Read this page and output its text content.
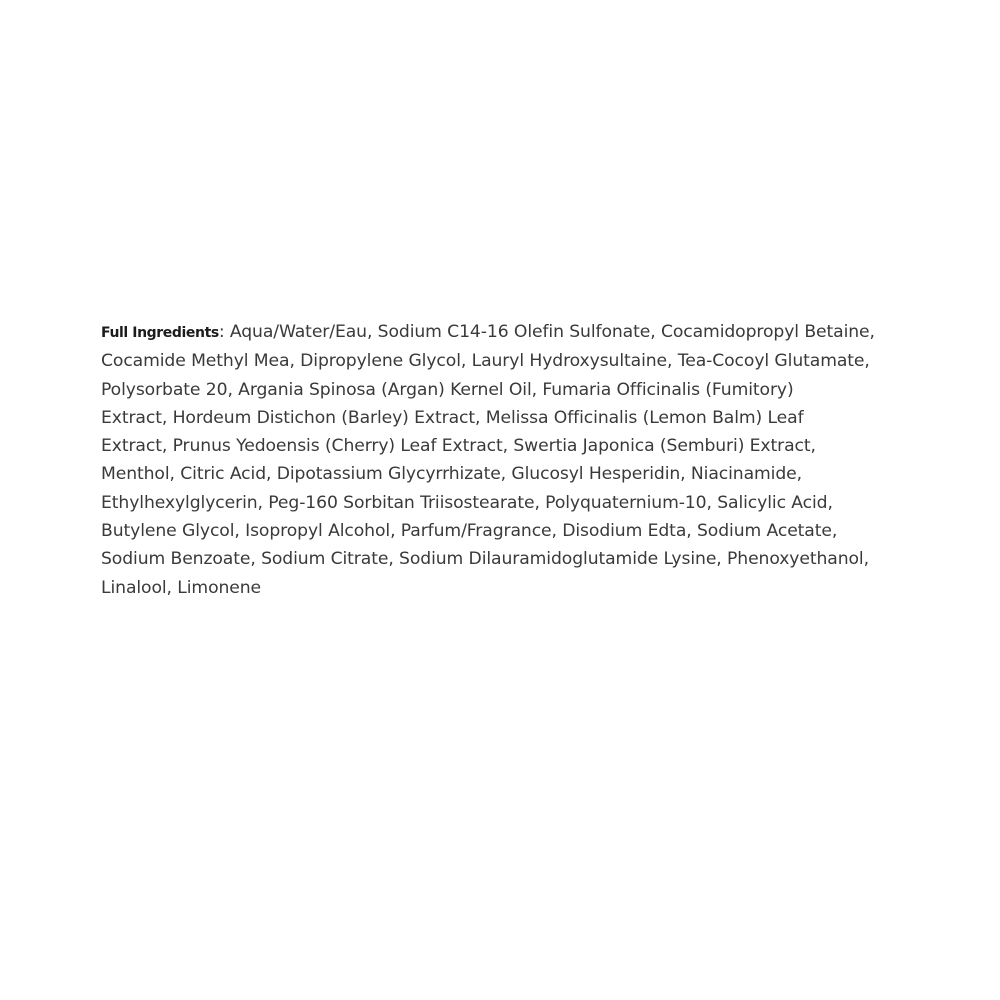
Full Ingredients: Aqua/Water/Eau, Sodium C14-16 Olefin Sulfonate, Cocamidopropyl Betaine,
Cocamide Methyl Mea, Dipropylene Glycol, Lauryl Hydroxysultaine, Tea-Cocoyl Glutamate,
Polysorbate 20, Argania Spinosa (Argan) Kernel Oil, Fumaria Officinalis (Fumitory)
Extract, Hordeum Distichon (Barley) Extract, Melissa Officinalis (Lemon Balm) Leaf
Extract, Prunus Yedoensis (Cherry) Leaf Extract, Swertia Japonica (Semburi) Extract,
Menthol, Citric Acid, Dipotassium Glycyrrhizate, Glucosyl Hesperidin, Niacinamide,
Ethylhexylglycerin, Peg-160 Sorbitan Triisostearate, Polyquaternium-10, Salicylic Acid,
Butylene Glycol, Isopropyl Alcohol, Parfum/Fragrance, Disodium Edta, Sodium Acetate,
Sodium Benzoate, Sodium Citrate, Sodium Dilauramidoglutamide Lysine, Phenoxyethanol,
Linalool, Limonene
